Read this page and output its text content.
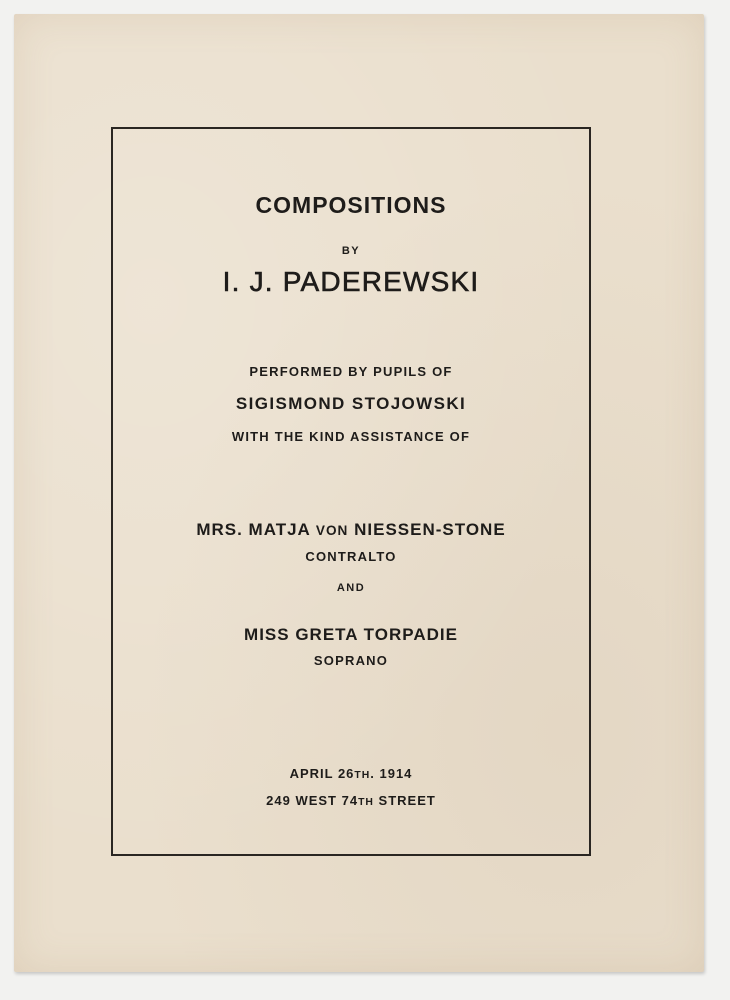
COMPOSITIONS
BY
I. J. PADEREWSKI
PERFORMED BY PUPILS OF
SIGISMOND STOJOWSKI
WITH THE KIND ASSISTANCE OF
MRS. MATJA VON NIESSEN-STONE
CONTRALTO
AND
MISS GRETA TORPADIE
SOPRANO
APRIL 26TH. 1914
249 WEST 74TH STREET
